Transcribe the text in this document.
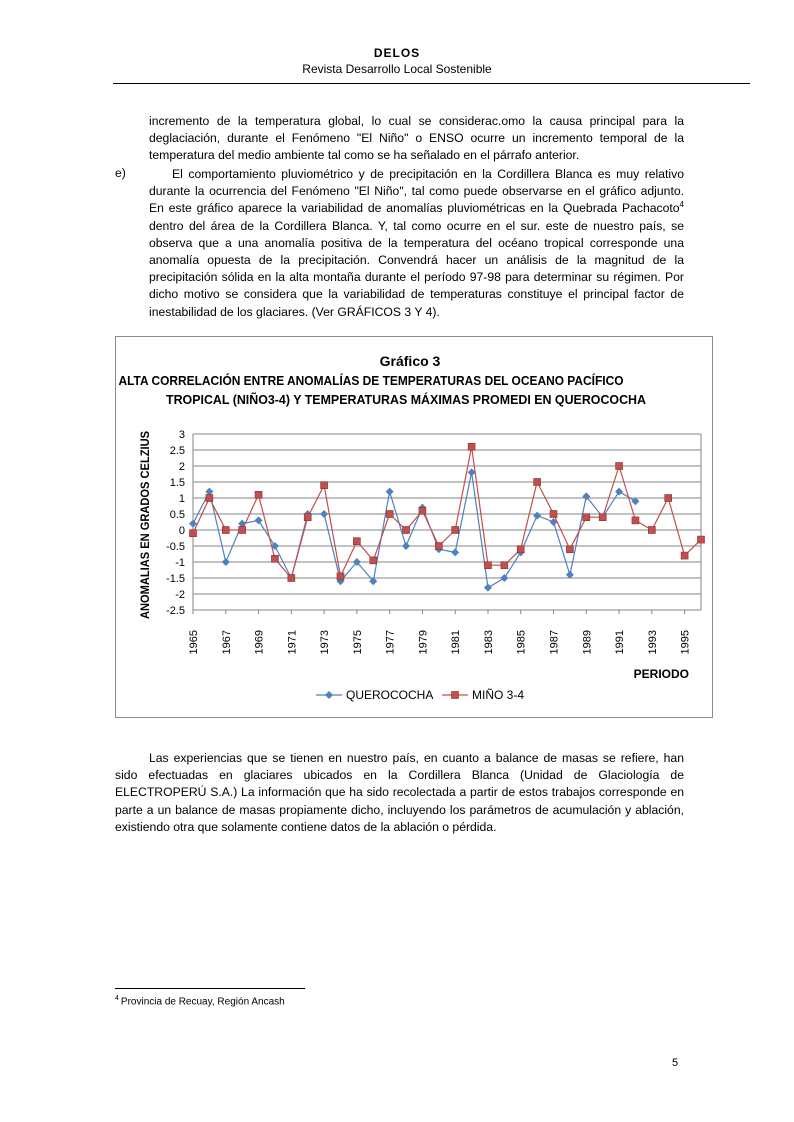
DELOS
Revista Desarrollo Local Sostenible

incremento de la temperatura global, lo cual se considerac.omo la causa principal para la deglaciación, durante el Fenómeno "El Niño" o ENSO ocurre un incremento temporal de la temperatura del medio ambiente tal como se ha señalado en el párrafo anterior.

e)	El comportamiento pluviométrico y de precipitación en la Cordillera Blanca es muy relativo durante la ocurrencia del Fenómeno "El Niño", tal como puede observarse en el gráfico adjunto. En este gráfico aparece la variabilidad de anomalías pluviométricas en la Quebrada Pachacoto$^4$ dentro del área de la Cordillera Blanca. Y, tal como ocurre en el sur. este de nuestro país, se observa que a una anomalía positiva de la temperatura del océano tropical corresponde una anomalía opuesta de la precipitación. Convendrá hacer un análisis de la magnitud de la precipitación sólida en la alta montaña durante el período 97-98 para determinar su régimen. Por dicho motivo se considera que la variabilidad de temperaturas constituye el principal factor de inestabilidad de los glaciares. (Ver GRÁFICOS 3 Y 4).

Gráfico 3
ALTA CORRELACIÓN ENTRE ANOMALÍAS DE TEMPERATURAS DEL OCEANO PACÍFICO
TROPICAL (NIÑO3-4) Y TEMPERATURAS MÁXIMAS PROMEDI EN QUEROCOCHA
3
2.5
2
1.5
1
0.5
0
-0.5
-1
-1.5
-2
-2.5
1965 1967 1969 1971 1973 1975 1977 1979 1981 1983 1985 1987 1989 1991 1993 1995
ANOMALIAS EN GRADOS CELZIUS
PERIODO
QUEROCOCHA	MIÑO 3-4

Las experiencias que se tienen en nuestro país, en cuanto a balance de masas se refiere, han sido efectuadas en glaciares ubicados en la Cordillera Blanca (Unidad de Glaciología de ELECTROPERÚ S.A.) La información que ha sido recolectada a partir de estos trabajos corresponde en parte a un balance de masas propiamente dicho, incluyendo los parámetros de acumulación y ablación, existiendo otra que solamente contiene datos de la ablación o pérdida.

$^4$ Provincia de Recuay, Región Ancash
5
